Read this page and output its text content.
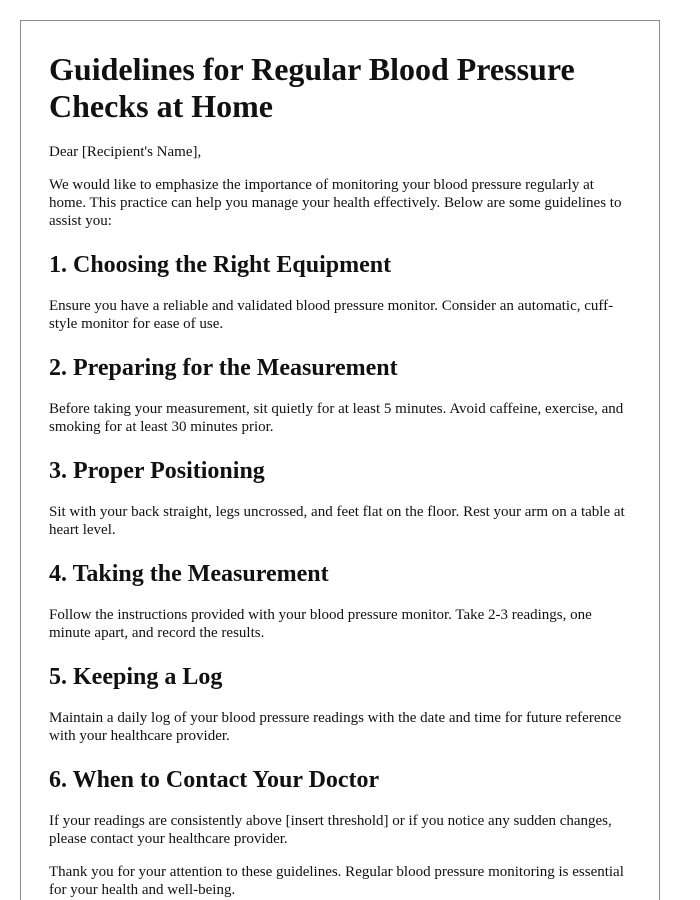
Guidelines for Regular Blood Pressure Checks at Home

Dear [Recipient's Name],

We would like to emphasize the importance of monitoring your blood pressure regularly at home. This practice can help you manage your health effectively. Below are some guidelines to assist you:

1. Choosing the Right Equipment

Ensure you have a reliable and validated blood pressure monitor. Consider an automatic, cuff-style monitor for ease of use.

2. Preparing for the Measurement

Before taking your measurement, sit quietly for at least 5 minutes. Avoid caffeine, exercise, and smoking for at least 30 minutes prior.

3. Proper Positioning

Sit with your back straight, legs uncrossed, and feet flat on the floor. Rest your arm on a table at heart level.

4. Taking the Measurement

Follow the instructions provided with your blood pressure monitor. Take 2-3 readings, one minute apart, and record the results.

5. Keeping a Log

Maintain a daily log of your blood pressure readings with the date and time for future reference with your healthcare provider.

6. When to Contact Your Doctor

If your readings are consistently above [insert threshold] or if you notice any sudden changes, please contact your healthcare provider.

Thank you for your attention to these guidelines. Regular blood pressure monitoring is essential for your health and well-being.
